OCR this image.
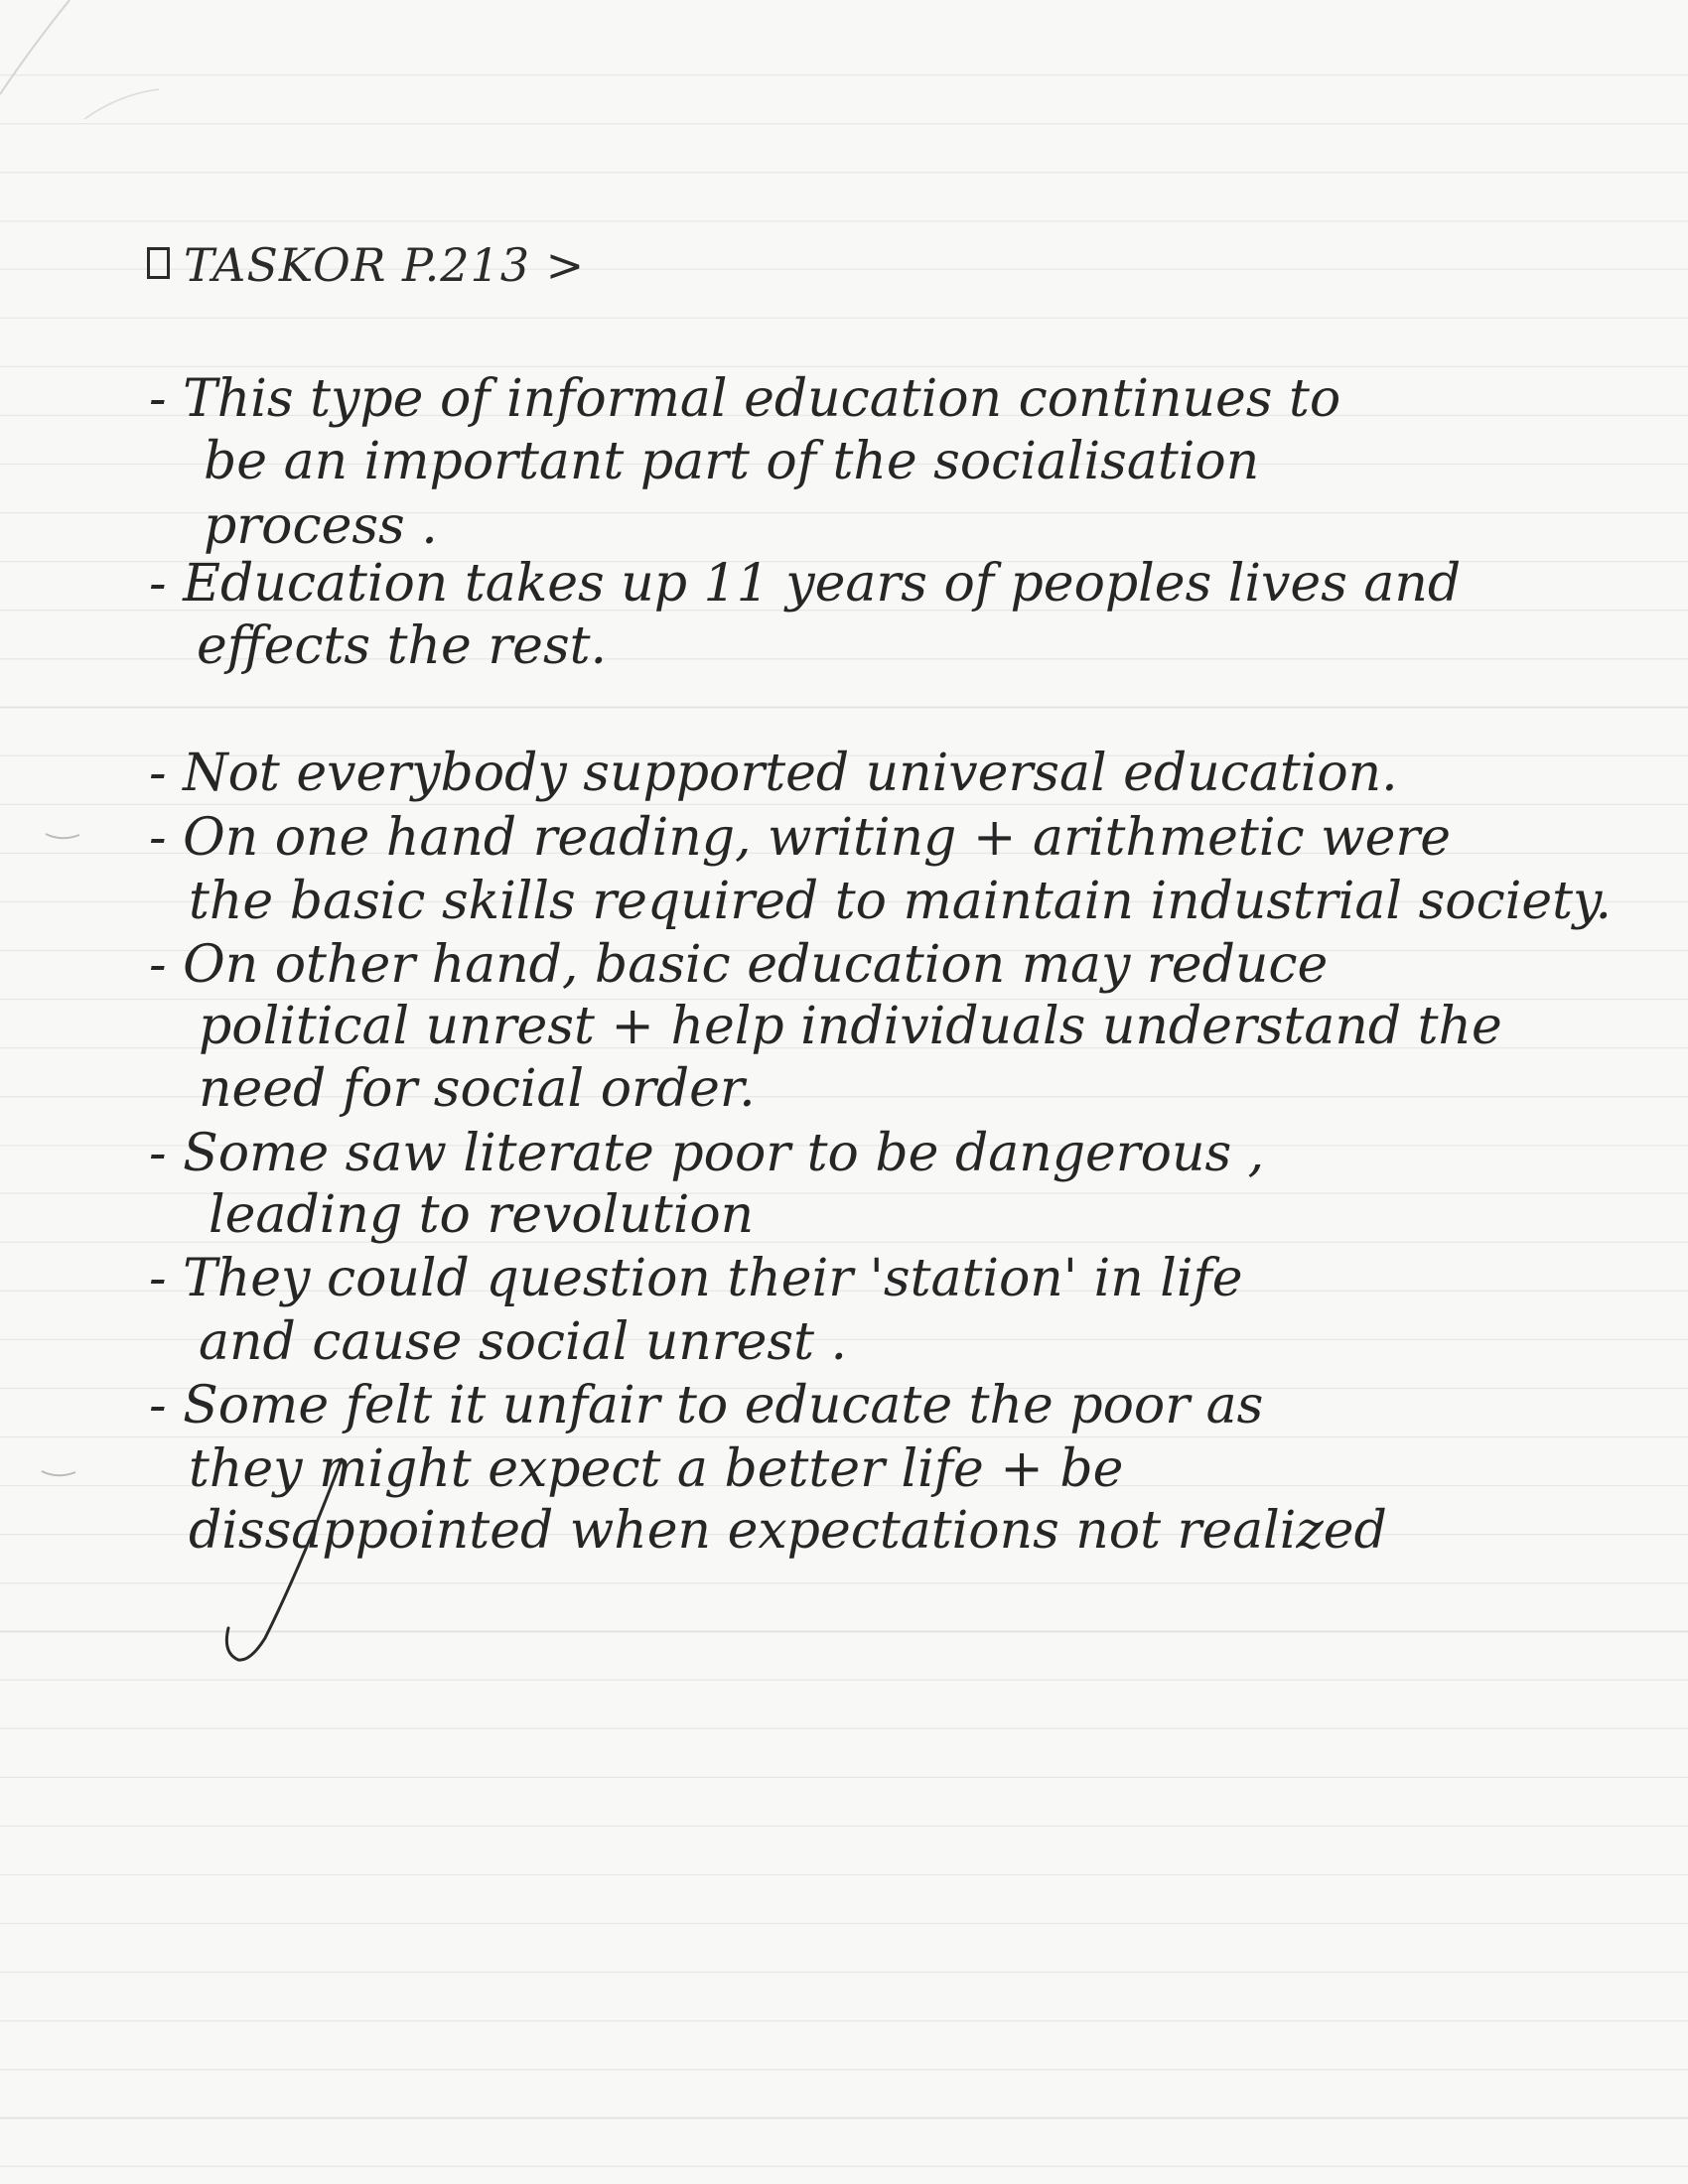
TASKOR P.213 >
- This type of informal education continues to
be an important part of the socialisation
process .
- Education takes up 11 years of peoples lives and
effects the rest.
- Not everybody supported universal education.
- On one hand reading, writing + arithmetic were
the basic skills required to maintain industrial society.
- On other hand, basic education may reduce
political unrest + help individuals understand the
need for social order.
- Some saw literate poor to be dangerous ,
leading to revolution
- They could question their 'station' in life
and cause social unrest .
- Some felt it unfair to educate the poor as
they might expect a better life + be
dissappointed when expectations not realized
